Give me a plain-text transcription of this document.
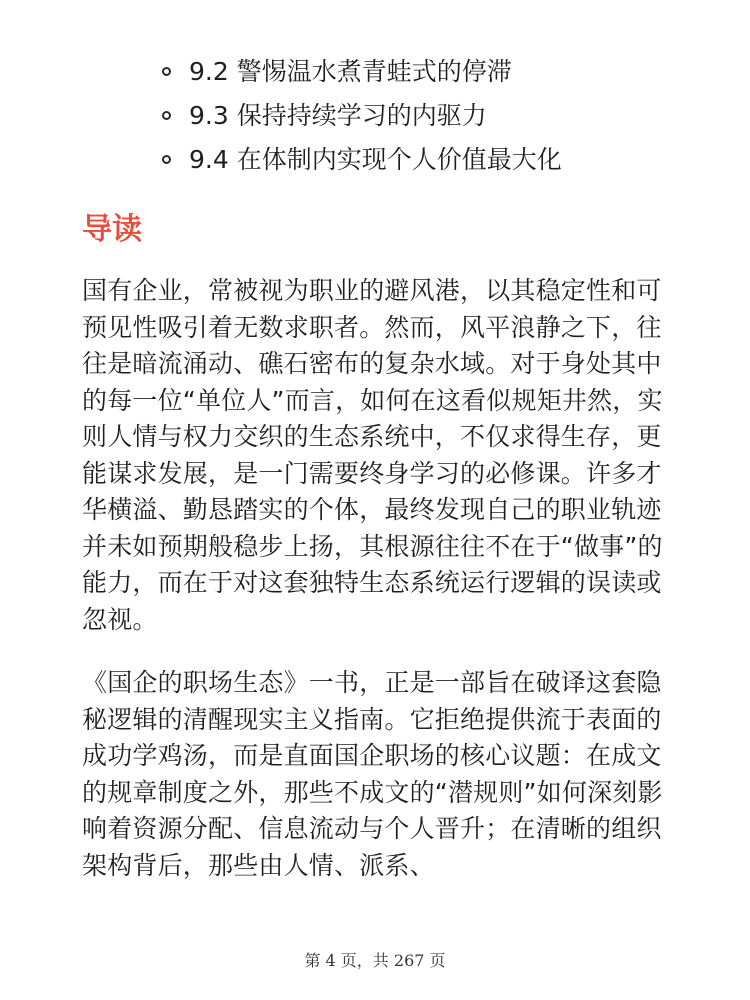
9.2 警惕温水煮青蛙式的停滞
9.3 保持持续学习的内驱力
9.4 在体制内实现个人价值最大化
导读

国有企业，常被视为职业的避风港，以其稳定性和可预见性吸引着无数求职者。然而，风平浪静之下，往往是暗流涌动、礁石密布的复杂水域。对于身处其中的每一位“单位人”而言，如何在这看似规矩井然，实则人情与权力交织的生态系统中，不仅求得生存，更能谋求发展，是一门需要终身学习的必修课。许多才华横溢、勤恳踏实的个体，最终发现自己的职业轨迹并未如预期般稳步上扬，其根源往往不在于“做事”的能力，而在于对这套独特生态系统运行逻辑的误读或忽视。

《国企的职场生态》一书，正是一部旨在破译这套隐秘逻辑的清醒现实主义指南。它拒绝提供流于表面的成功学鸡汤，而是直面国企职场的核心议题：在成文的规章制度之外，那些不成文的“潜规则”如何深刻影响着资源分配、信息流动与个人晋升；在清晰的组织架构背后，那些由人情、派系、

第 4 页，共 267 页
